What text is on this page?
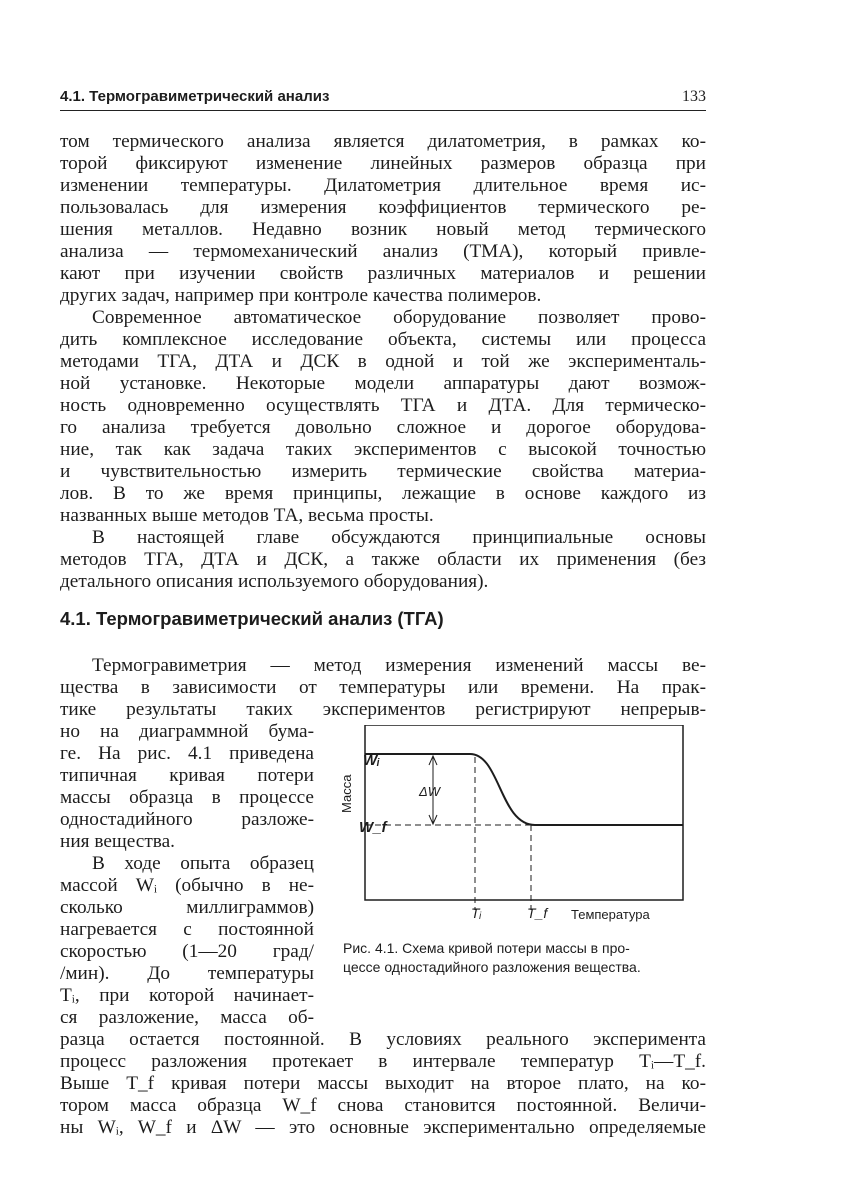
4.1. Термогравиметрический анализ	133
том термического анализа является дилатометрия, в рамках ко-
торой фиксируют изменение линейных размеров образца при
изменении температуры. Дилатометрия длительное время ис-
пользовалась для измерения коэффициентов термического ре-
шения металлов. Недавно возник новый метод термического
анализа — термомеханический анализ (ТМА), который привле-
кают при изучении свойств различных материалов и решении
других задач, например при контроле качества полимеров.
Современное автоматическое оборудование позволяет прово-
дить комплексное исследование объекта, системы или процесса
методами ТГА, ДТА и ДСК в одной и той же эксперименталь-
ной установке. Некоторые модели аппаратуры дают возмож-
ность одновременно осуществлять ТГА и ДТА. Для термическо-
го анализа требуется довольно сложное и дорогое оборудова-
ние, так как задача таких экспериментов с высокой точностью
и чувствительностью измерить термические свойства материа-
лов. В то же время принципы, лежащие в основе каждого из
названных выше методов ТА, весьма просты.
В настоящей главе обсуждаются принципиальные основы
методов ТГА, ДТА и ДСК, а также области их применения (без
детального описания используемого оборудования).
4.1. Термогравиметрический анализ (ТГА)
Термогравиметрия — метод измерения изменений массы ве-
щества в зависимости от температуры или времени. На прак-
тике результаты таких экспериментов регистрируют непрерыв-
но на диаграммной бума-
ге. На рис. 4.1 приведена
типичная кривая потери
массы образца в процессе
одностадийного разложе-
ния вещества.
В ходе опыта образец
массой Wᵢ (обычно в не-
сколько миллиграммов)
нагревается с постоянной
скоростью (1—20 град/
/мин). До температуры
Tᵢ, при которой начинает-
ся разложение, масса об-
разца остается постоянной. В условиях реального эксперимента
процесс разложения протекает в интервале температур Tᵢ—T_f.
Выше T_f кривая потери массы выходит на второе плато, на ко-
тором масса образца W_f снова становится постоянной. Величи-
ны Wᵢ, W_f и ΔW — это основные экспериментально определяемые
Масса
Wᵢ
W_f
ΔW
Tᵢ	T_f Температура
Рис. 4.1. Схема кривой потери массы в про-
цессе одностадийного разложения вещества.
